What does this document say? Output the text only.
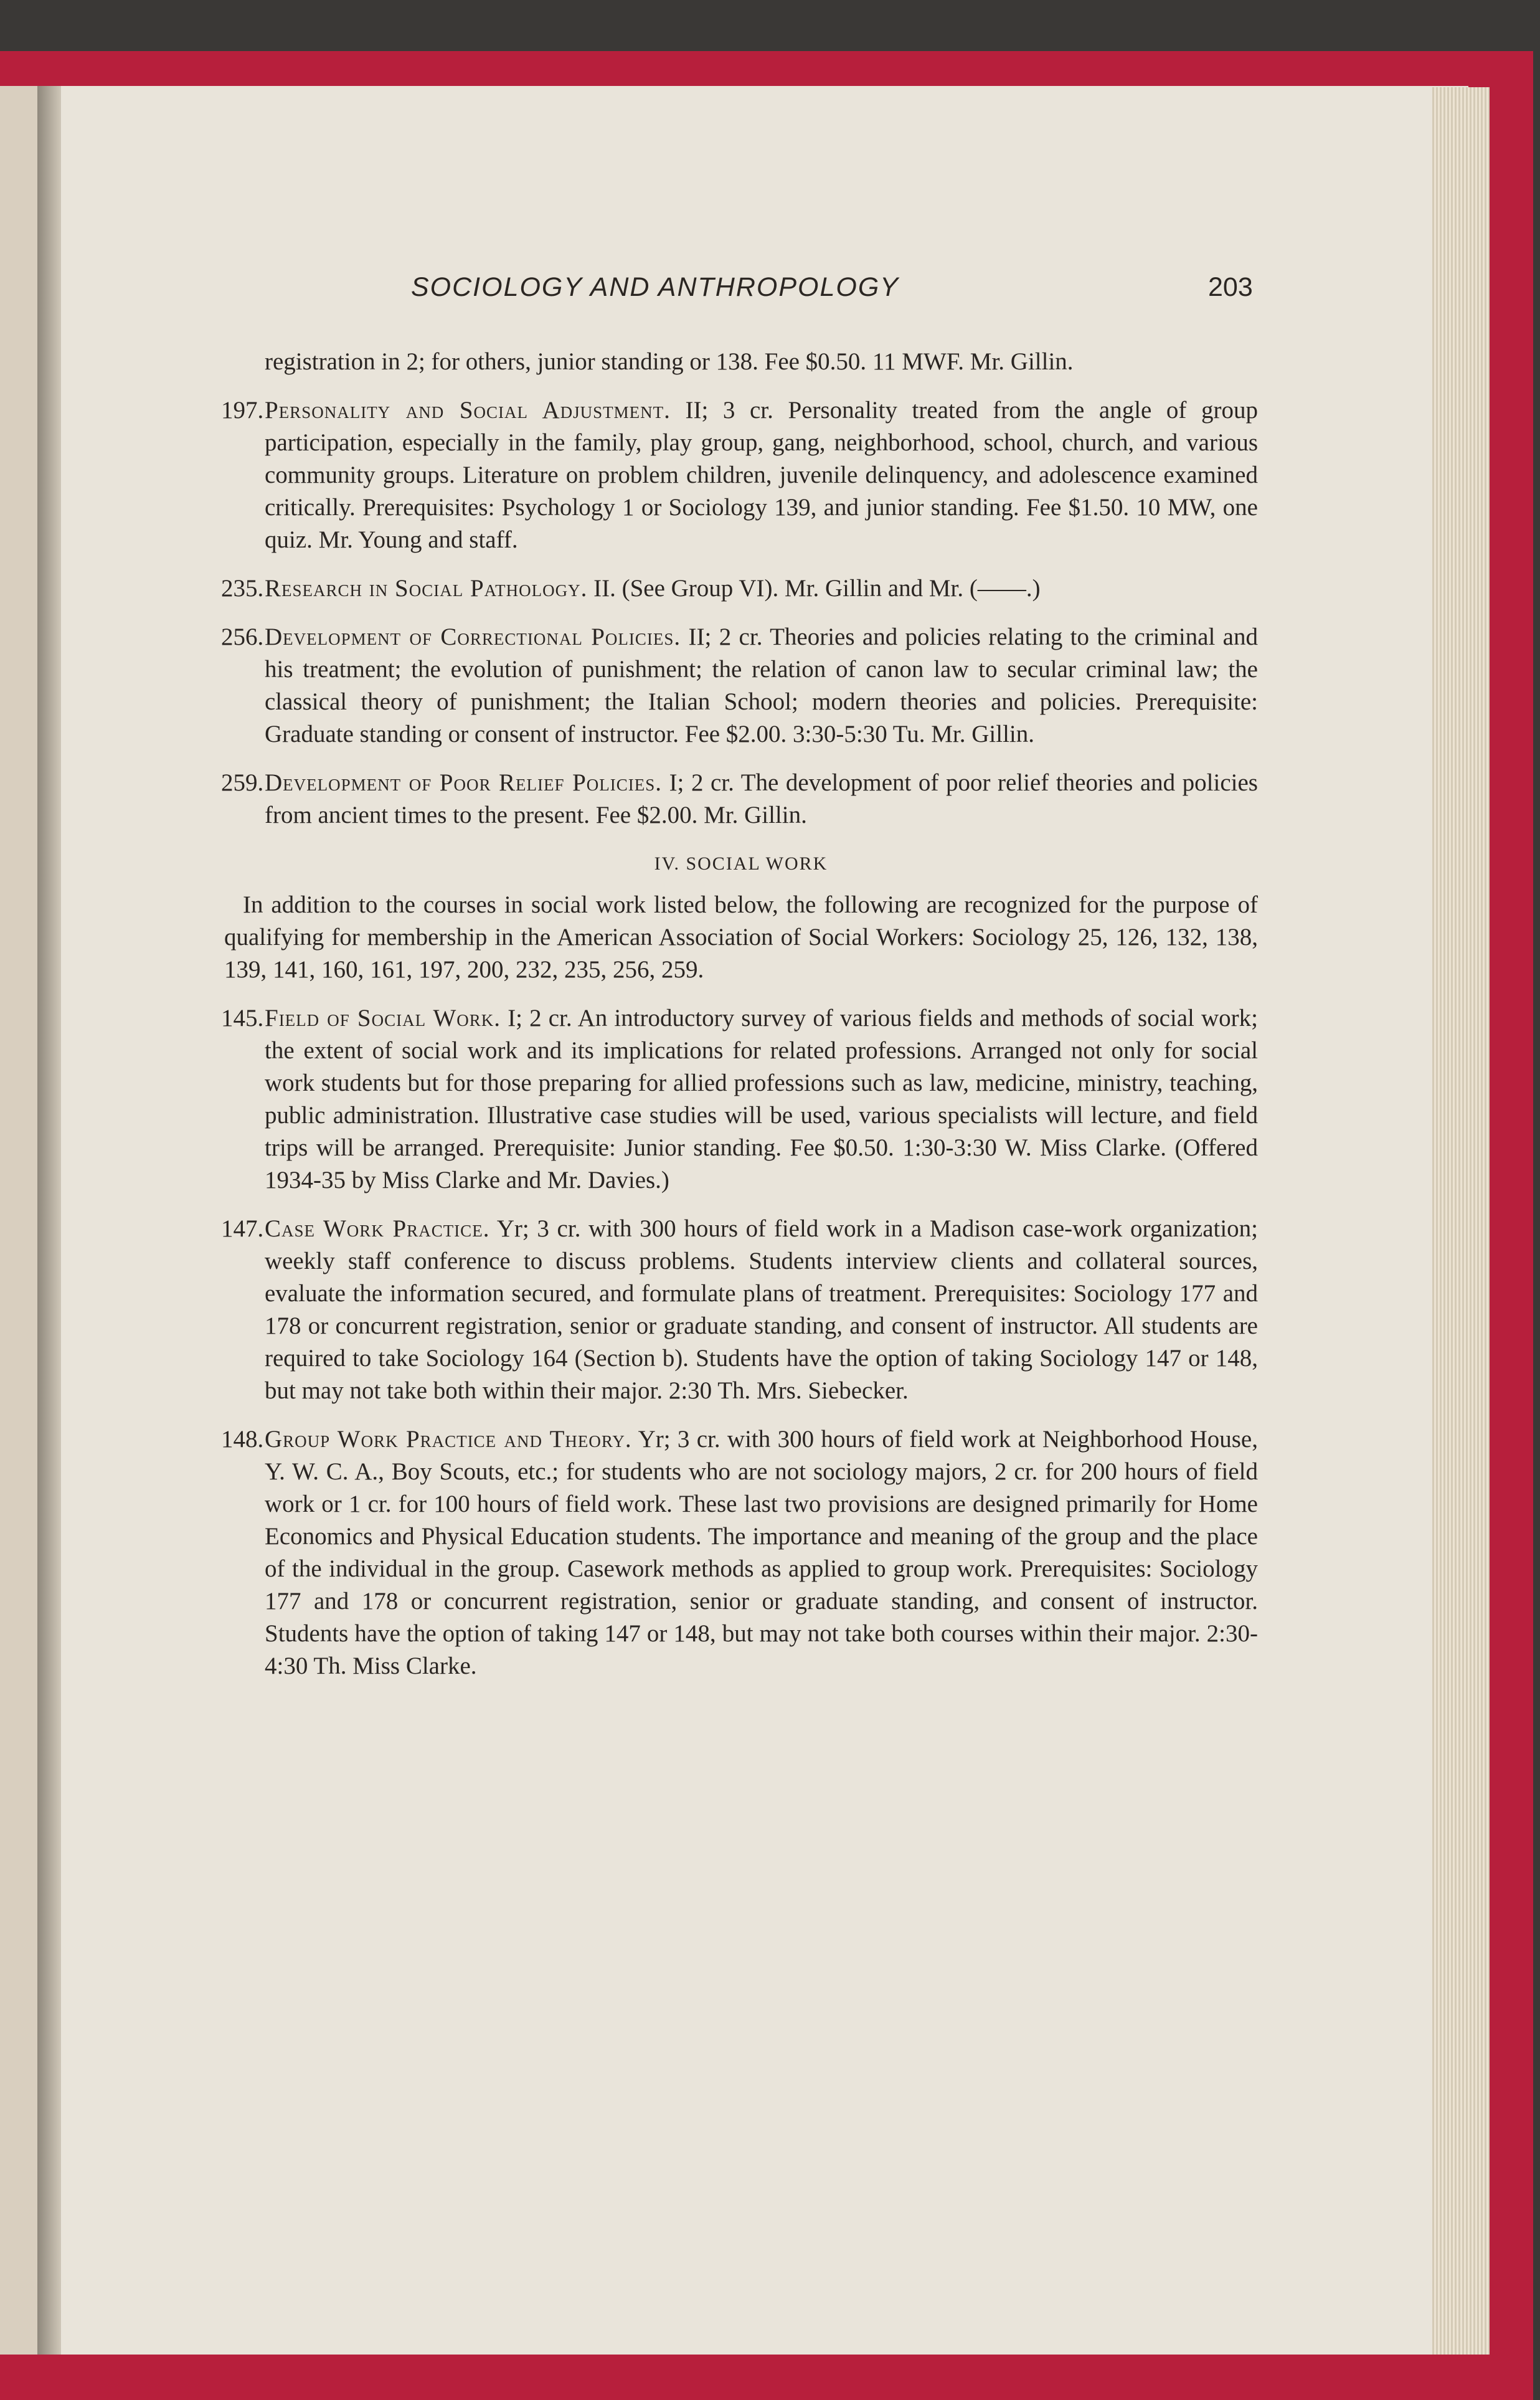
SOCIOLOGY AND ANTHROPOLOGY	203

registration in 2; for others, junior standing or 138. Fee $0.50. 11 MWF. Mr. Gillin.

197. Personality and Social Adjustment. II; 3 cr. Personality treated from the angle of group participation, especially in the family, play group, gang, neighborhood, school, church, and various community groups. Literature on problem children, juvenile delinquency, and adolescence examined critically. Prerequisites: Psychology 1 or Sociology 139, and junior standing. Fee $1.50. 10 MW, one quiz. Mr. Young and staff.
235. Research in Social Pathology. II. (See Group VI). Mr. Gillin and Mr. (——.)
256. Development of Correctional Policies. II; 2 cr. Theories and policies relating to the criminal and his treatment; the evolution of punishment; the relation of canon law to secular criminal law; the classical theory of punishment; the Italian School; modern theories and policies. Prerequisite: Graduate standing or consent of instructor. Fee $2.00. 3:30-5:30 Tu. Mr. Gillin.
259. Development of Poor Relief Policies. I; 2 cr. The development of poor relief theories and policies from ancient times to the present. Fee $2.00. Mr. Gillin.
IV. SOCIAL WORK

In addition to the courses in social work listed below, the following are recognized for the purpose of qualifying for membership in the American Association of Social Workers: Sociology 25, 126, 132, 138, 139, 141, 160, 161, 197, 200, 232, 235, 256, 259.

145. Field of Social Work. I; 2 cr. An introductory survey of various fields and methods of social work; the extent of social work and its implications for related professions. Arranged not only for social work students but for those preparing for allied professions such as law, medicine, ministry, teaching, public administration. Illustrative case studies will be used, various specialists will lecture, and field trips will be arranged. Prerequisite: Junior standing. Fee $0.50. 1:30-3:30 W. Miss Clarke. (Offered 1934-35 by Miss Clarke and Mr. Davies.)
147. Case Work Practice. Yr; 3 cr. with 300 hours of field work in a Madison case-work organization; weekly staff conference to discuss problems. Students interview clients and collateral sources, evaluate the information secured, and formulate plans of treatment. Prerequisites: Sociology 177 and 178 or concurrent registration, senior or graduate standing, and consent of instructor. All students are required to take Sociology 164 (Section b). Students have the option of taking Sociology 147 or 148, but may not take both within their major. 2:30 Th. Mrs. Siebecker.
148. Group Work Practice and Theory. Yr; 3 cr. with 300 hours of field work at Neighborhood House, Y. W. C. A., Boy Scouts, etc.; for students who are not sociology majors, 2 cr. for 200 hours of field work or 1 cr. for 100 hours of field work. These last two provisions are designed primarily for Home Economics and Physical Education students. The importance and meaning of the group and the place of the individual in the group. Casework methods as applied to group work. Prerequisites: Sociology 177 and 178 or concurrent registration, senior or graduate standing, and consent of instructor. Students have the option of taking 147 or 148, but may not take both courses within their major. 2:30-4:30 Th. Miss Clarke.
